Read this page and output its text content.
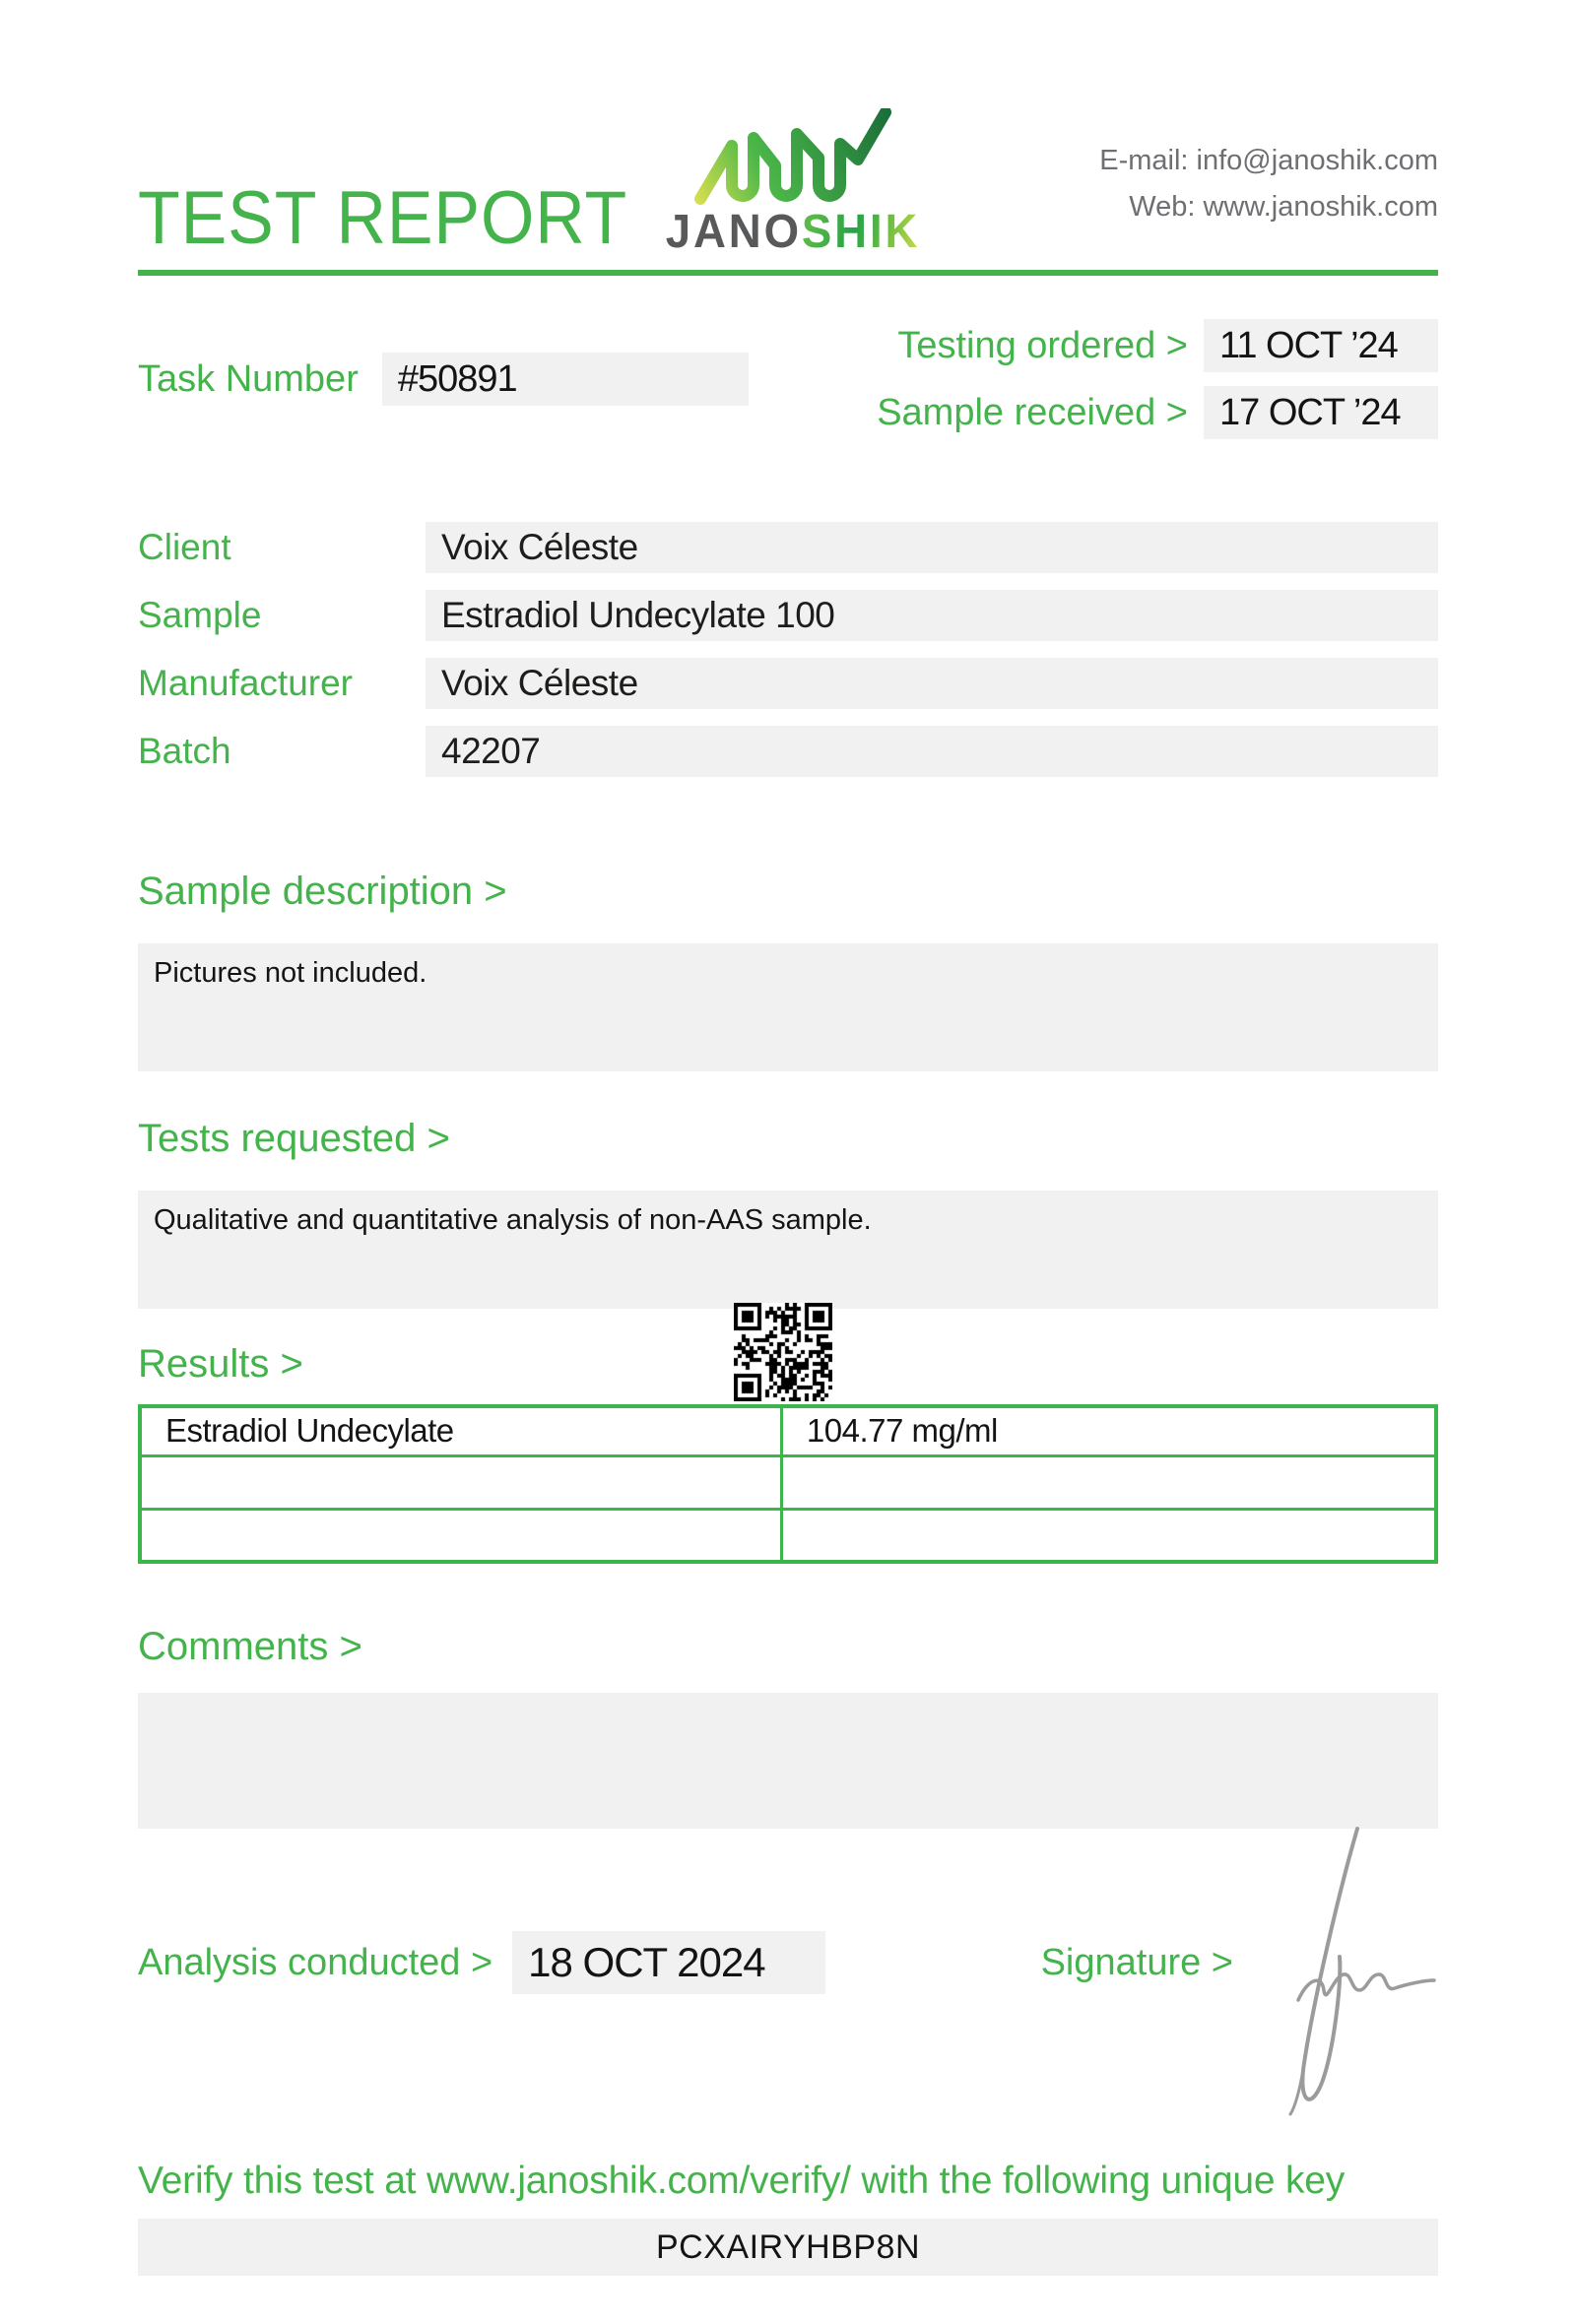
TEST REPORT JANOSHIK
E-mail: info@janoshik.com
Web: www.janoshik.com
Task Number	#50891
Testing ordered > 11 OCT ’24
Sample received > 17 OCT ’24
Client	Voix Céleste
Sample	Estradiol Undecylate 100
Manufacturer	Voix Céleste
Batch	42207
Sample description >
Pictures not included.
Tests requested >
Qualitative and quantitative analysis of non-AAS sample.
Results >
Estradiol Undecylate	104.77 mg/ml

Comments >
Analysis conducted > 18 OCT 2024	Signature >
Verify this test at www.janoshik.com/verify/ with the following unique key
PCXAIRYHBP8N
